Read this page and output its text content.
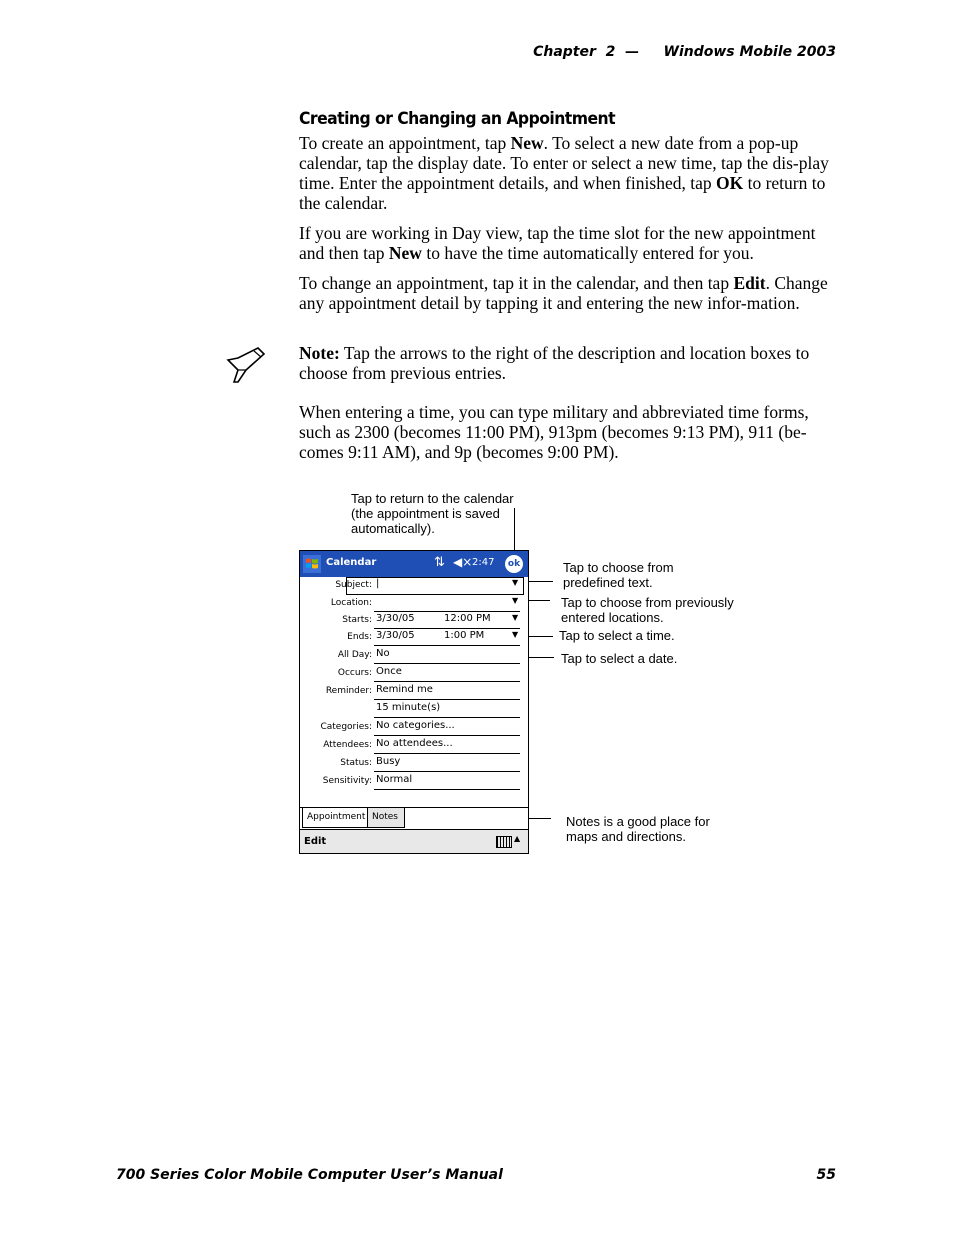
Chapter  2  — Windows Mobile 2003
Creating or Changing an Appointment

To create an appointment, tap New. To select a new date from a pop-up calendar, tap the display date. To enter or select a new time, tap the dis-play time. Enter the appointment details, and when finished, tap OK to return to the calendar.

If you are working in Day view, tap the time slot for the new appointment and then tap New to have the time automatically entered for you.

To change an appointment, tap it in the calendar, and then tap Edit. Change any appointment detail by tapping it and entering the new infor-mation.

Note: Tap the arrows to the right of the description and location boxes to choose from previous entries.

When entering a time, you can type military and abbreviated time forms, such as 2300 (becomes 11:00 PM), 913pm (becomes 9:13 PM), 911 (be-comes 9:11 AM), and 9p (becomes 9:00 PM).

Tap to return to the calendar
(the appointment is saved
automatically).
Tap to choose from
predefined text.
Tap to choose from previously
entered locations.
Tap to select a time.
Tap to select a date.
Notes is a good place for
maps and directions.
Calendar	⇅ ◀× 2:47	ok
Subject: |	▼
Location:	▼
Starts: 3/30/05	12:00 PM	▼
Ends: 3/30/05	1:00 PM	▼
All Day: No
Occurs: Once
Reminder: Remind me
15 minute(s)
Categories: No categories...
Attendees: No attendees...
Status: Busy
Sensitivity: Normal
Appointment Notes
Edit	▲
700 Series Color Mobile Computer User’s Manual	55
